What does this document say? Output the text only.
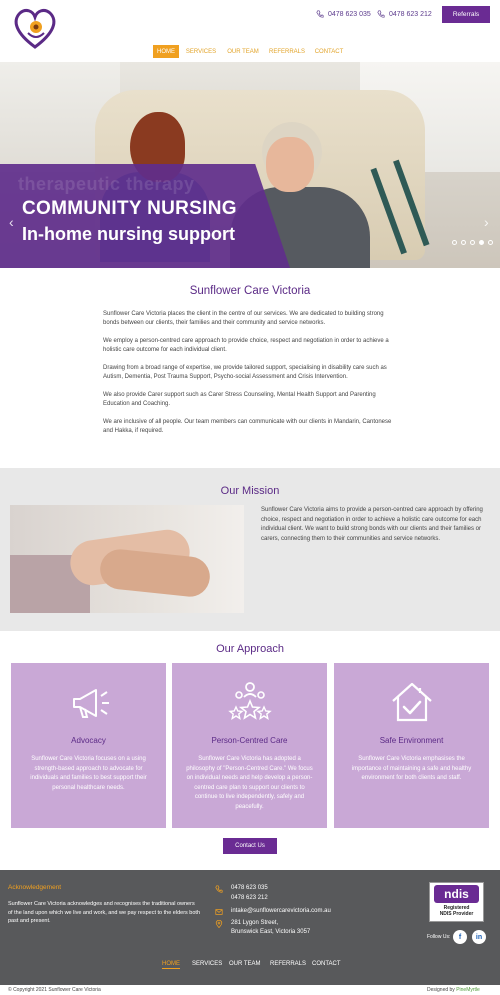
0478 623 035	0478 623 212	Referrals
HOME	SERVICES OUR TEAM REFERRALS CONTACT
therapeutic therapy
COMMUNITY NURSING
In-home nursing support
‹	›
Sunflower Care Victoria

Sunflower Care Victoria places the client in the centre of our services. We are dedicated to building strong bonds between our clients, their families and their community and service networks.

We employ a person-centred care approach to provide choice, respect and negotiation in order to achieve a holistic care outcome for each individual client.

Drawing from a broad range of expertise, we provide tailored support, specialising in disability care such as Autism, Dementia, Post Trauma Support, Psycho-social Assessment and Crisis Intervention.

We also provide Carer support such as Carer Stress Counseling, Mental Health Support and Parenting Education and Coaching.

We are inclusive of all people. Our team members can communicate with our clients in Mandarin, Cantonese and Hakka, if required.

Our Mission
Sunflower Care Victoria aims to provide a person-centred care approach by offering choice, respect and negotiation in order to achieve a holistic care outcome for each individual client. We want to build strong bonds with our clients and their families or carers, connecting them to their communities and service networks.
Our Approach
Advocacy
Sunflower Care Victoria focuses on a using strength-based approach to advocate for individuals and families to best support their personal healthcare needs.
Person-Centred Care
Sunflower Care Victoria has adopted a philosophy of "Person-Centred Care." We focus on individual needs and help develop a person-centred care plan to support our clients to continue to live independently, safely and peacefully.
Safe Environment
Sunflower Care Victoria emphasises the importance of maintaining a safe and healthy environment for both clients and staff.
Contact Us
Acknowledgement
Sunflower Care Victoria acknowledges and recognises the traditional owners of the land upon which we live and work, and we pay respect to the elders both past and present.
0478 623 035
0478 623 212
intake@sunflowercarevictoria.com.au
281 Lygon Street,
Brunswick East, Victoria 3057
ndis
Registered
NDIS Provider
Follow Us:	f	in
HOME SERVICES OUR TEAM REFERRALS CONTACT
© Copyright 2021 Sunflower Care Victoria	Designed by PineMyrtle
